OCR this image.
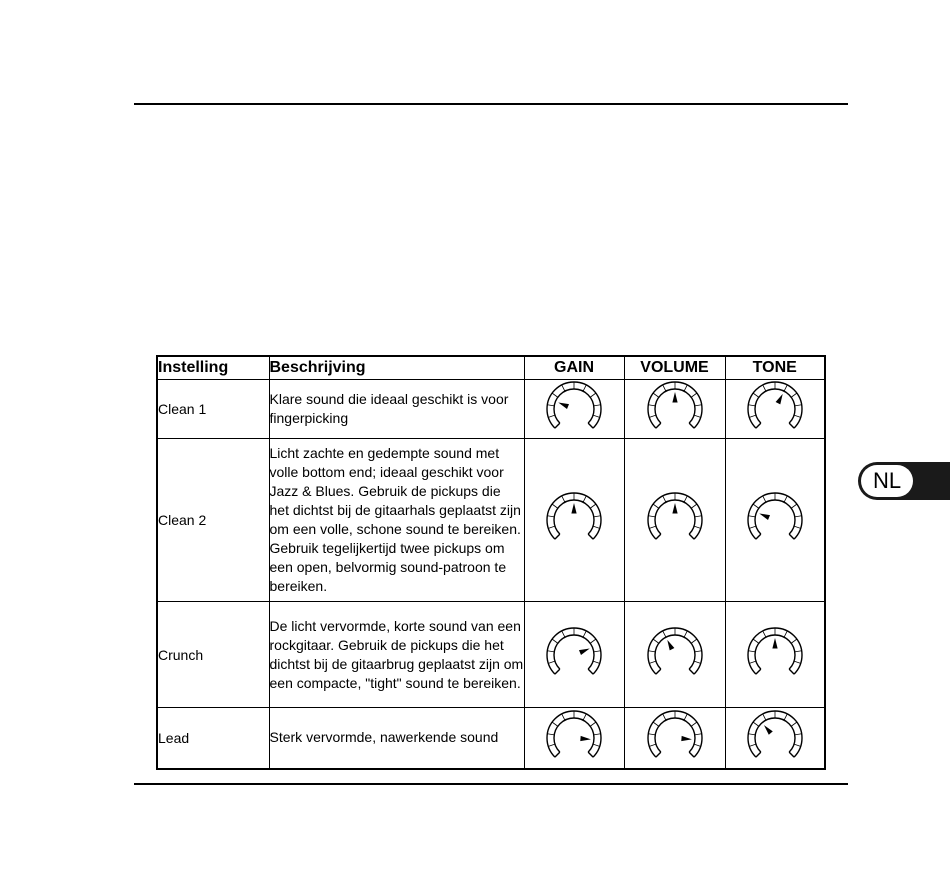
NL
Instelling	Beschrijving	GAIN	VOLUME	TONE
Clean 1	Klare sound die ideaal geschikt is voor fingerpicking			
Clean 2	Licht zachte en gedempte sound met volle bottom end; ideaal geschikt voor Jazz & Blues. Gebruik de pickups die het dichtst bij de gitaarhals geplaatst zijn om een volle, schone sound te bereiken. Gebruik tegelijkertijd twee pickups om een open, belvormig sound-patroon te bereiken.			
Crunch	De licht vervormde, korte sound van een rockgitaar. Gebruik de pickups die het dichtst bij de gitaarbrug geplaatst zijn om een compacte, "tight" sound te bereiken.			
Lead	Sterk vervormde, nawerkende sound			
